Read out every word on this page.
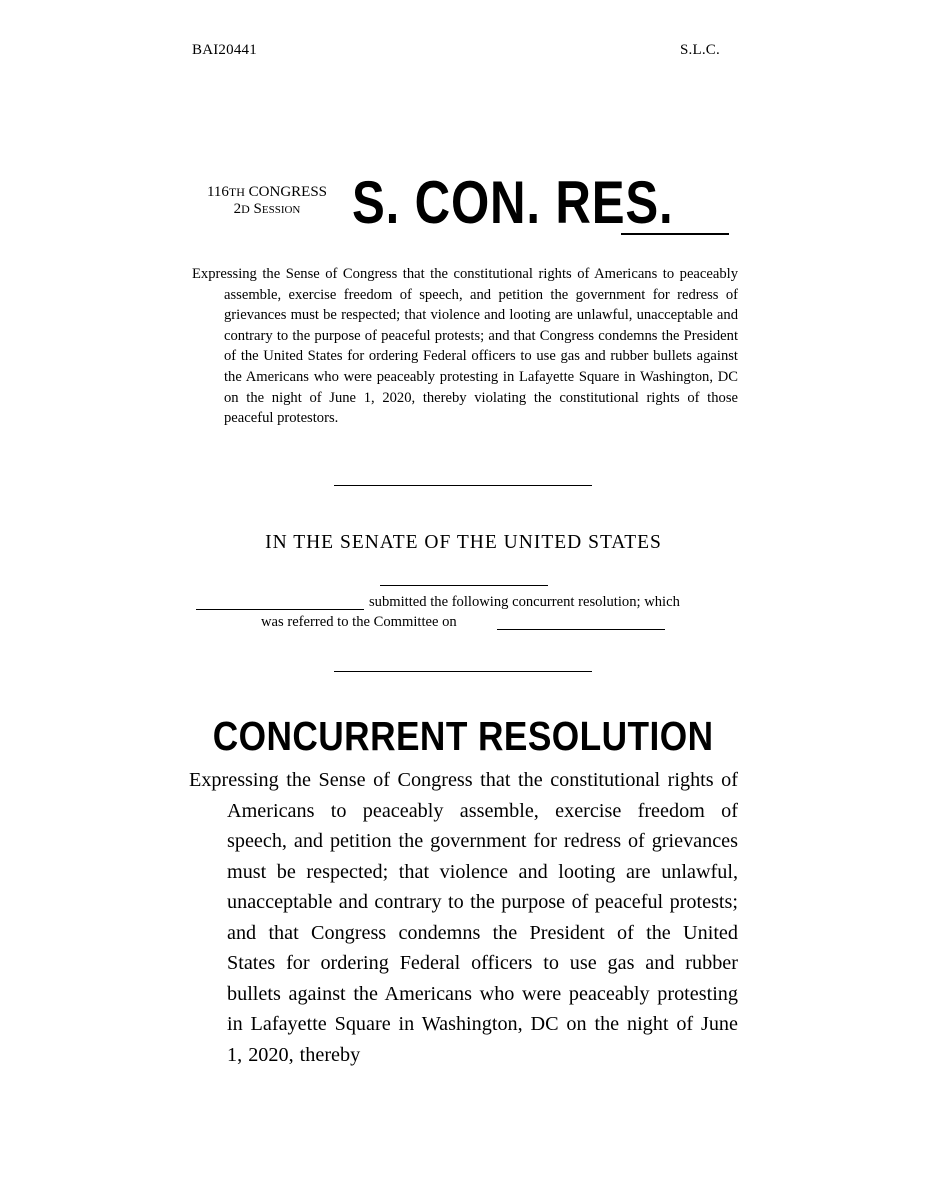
BAI20441	S.L.C.
116TH CONGRESS
2D Session S. CON. RES.
Expressing the Sense of Congress that the constitutional rights of Americans to peaceably assemble, exercise freedom of speech, and petition the government for redress of grievances must be respected; that violence and looting are unlawful, unacceptable and contrary to the purpose of peaceful protests; and that Congress condemns the President of the United States for ordering Federal officers to use gas and rubber bullets against the Americans who were peaceably protesting in Lafayette Square in Washington, DC on the night of June 1, 2020, thereby violating the constitutional rights of those peaceful protestors.
IN THE SENATE OF THE UNITED STATES
submitted the following concurrent resolution; which
was referred to the Committee on
CONCURRENT RESOLUTION
Expressing the Sense of Congress that the constitutional rights of Americans to peaceably assemble, exercise freedom of speech, and petition the government for redress of grievances must be respected; that violence and looting are unlawful, unacceptable and contrary to the purpose of peaceful protests; and that Congress condemns the President of the United States for ordering Federal officers to use gas and rubber bullets against the Americans who were peaceably protesting in Lafayette Square in Washington, DC on the night of June 1, 2020, thereby
